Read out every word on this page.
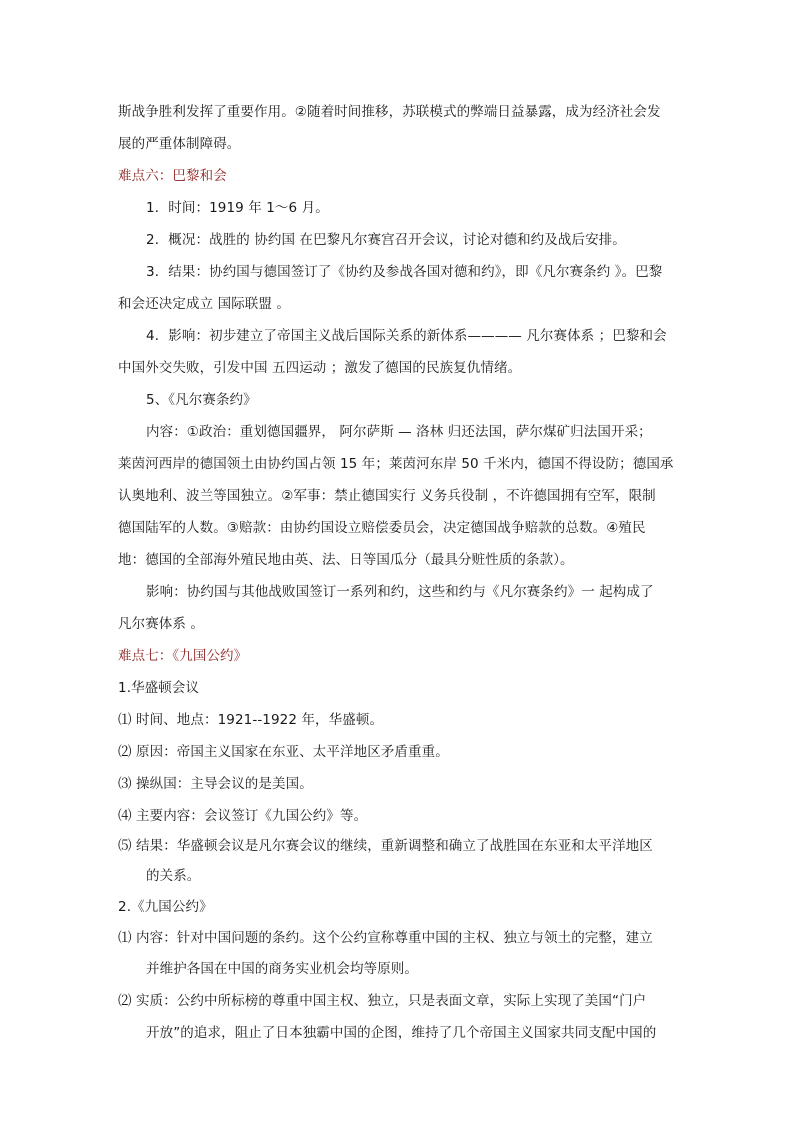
斯战争胜利发挥了重要作用。②随着时间推移，苏联模式的弊端日益暴露，成为经济社会发
展的严重体制障碍。
难点六：巴黎和会
1．时间：1919 年 1～6 月。
2．概况：战胜的 协约国 在巴黎凡尔赛宫召开会议，讨论对德和约及战后安排。
3．结果：协约国与德国签订了《协约及参战各国对德和约》，即《凡尔赛条约 》。巴黎
和会还决定成立 国际联盟 。
4．影响：初步建立了帝国主义战后国际关系的新体系———— 凡尔赛体系 ；巴黎和会
中国外交失败，引发中国 五四运动 ；激发了德国的民族复仇情绪。
5、《凡尔赛条约》
内容：①政治：重划德国疆界， 阿尔萨斯 — 洛林 归还法国，萨尔煤矿归法国开采；
莱茵河西岸的德国领土由协约国占领 15 年；莱茵河东岸 50 千米内，德国不得设防；德国承
认奥地利、波兰等国独立。②军事：禁止德国实行 义务兵役制 ，不许德国拥有空军，限制
德国陆军的人数。③赔款：由协约国设立赔偿委员会，决定德国战争赔款的总数。④殖民
地：德国的全部海外殖民地由英、法、日等国瓜分（最具分赃性质的条款）。
影响：协约国与其他战败国签订一系列和约，这些和约与《凡尔赛条约》一 起构成了
凡尔赛体系 。
难点七：《九国公约》
1.华盛顿会议
⑴ 时间、地点：1921--1922 年，华盛顿。
⑵ 原因：帝国主义国家在东亚、太平洋地区矛盾重重。
⑶ 操纵国：主导会议的是美国。
⑷ 主要内容：会议签订《九国公约》等。
⑸ 结果：华盛顿会议是凡尔赛会议的继续，重新调整和确立了战胜国在东亚和太平洋地区
的关系。
2.《九国公约》
⑴ 内容：针对中国问题的条约。这个公约宣称尊重中国的主权、独立与领土的完整，建立
并维护各国在中国的商务实业机会均等原则。
⑵ 实质：公约中所标榜的尊重中国主权、独立，只是表面文章，实际上实现了美国“门户
开放”的追求，阻止了日本独霸中国的企图，维持了几个帝国主义国家共同支配中国的
